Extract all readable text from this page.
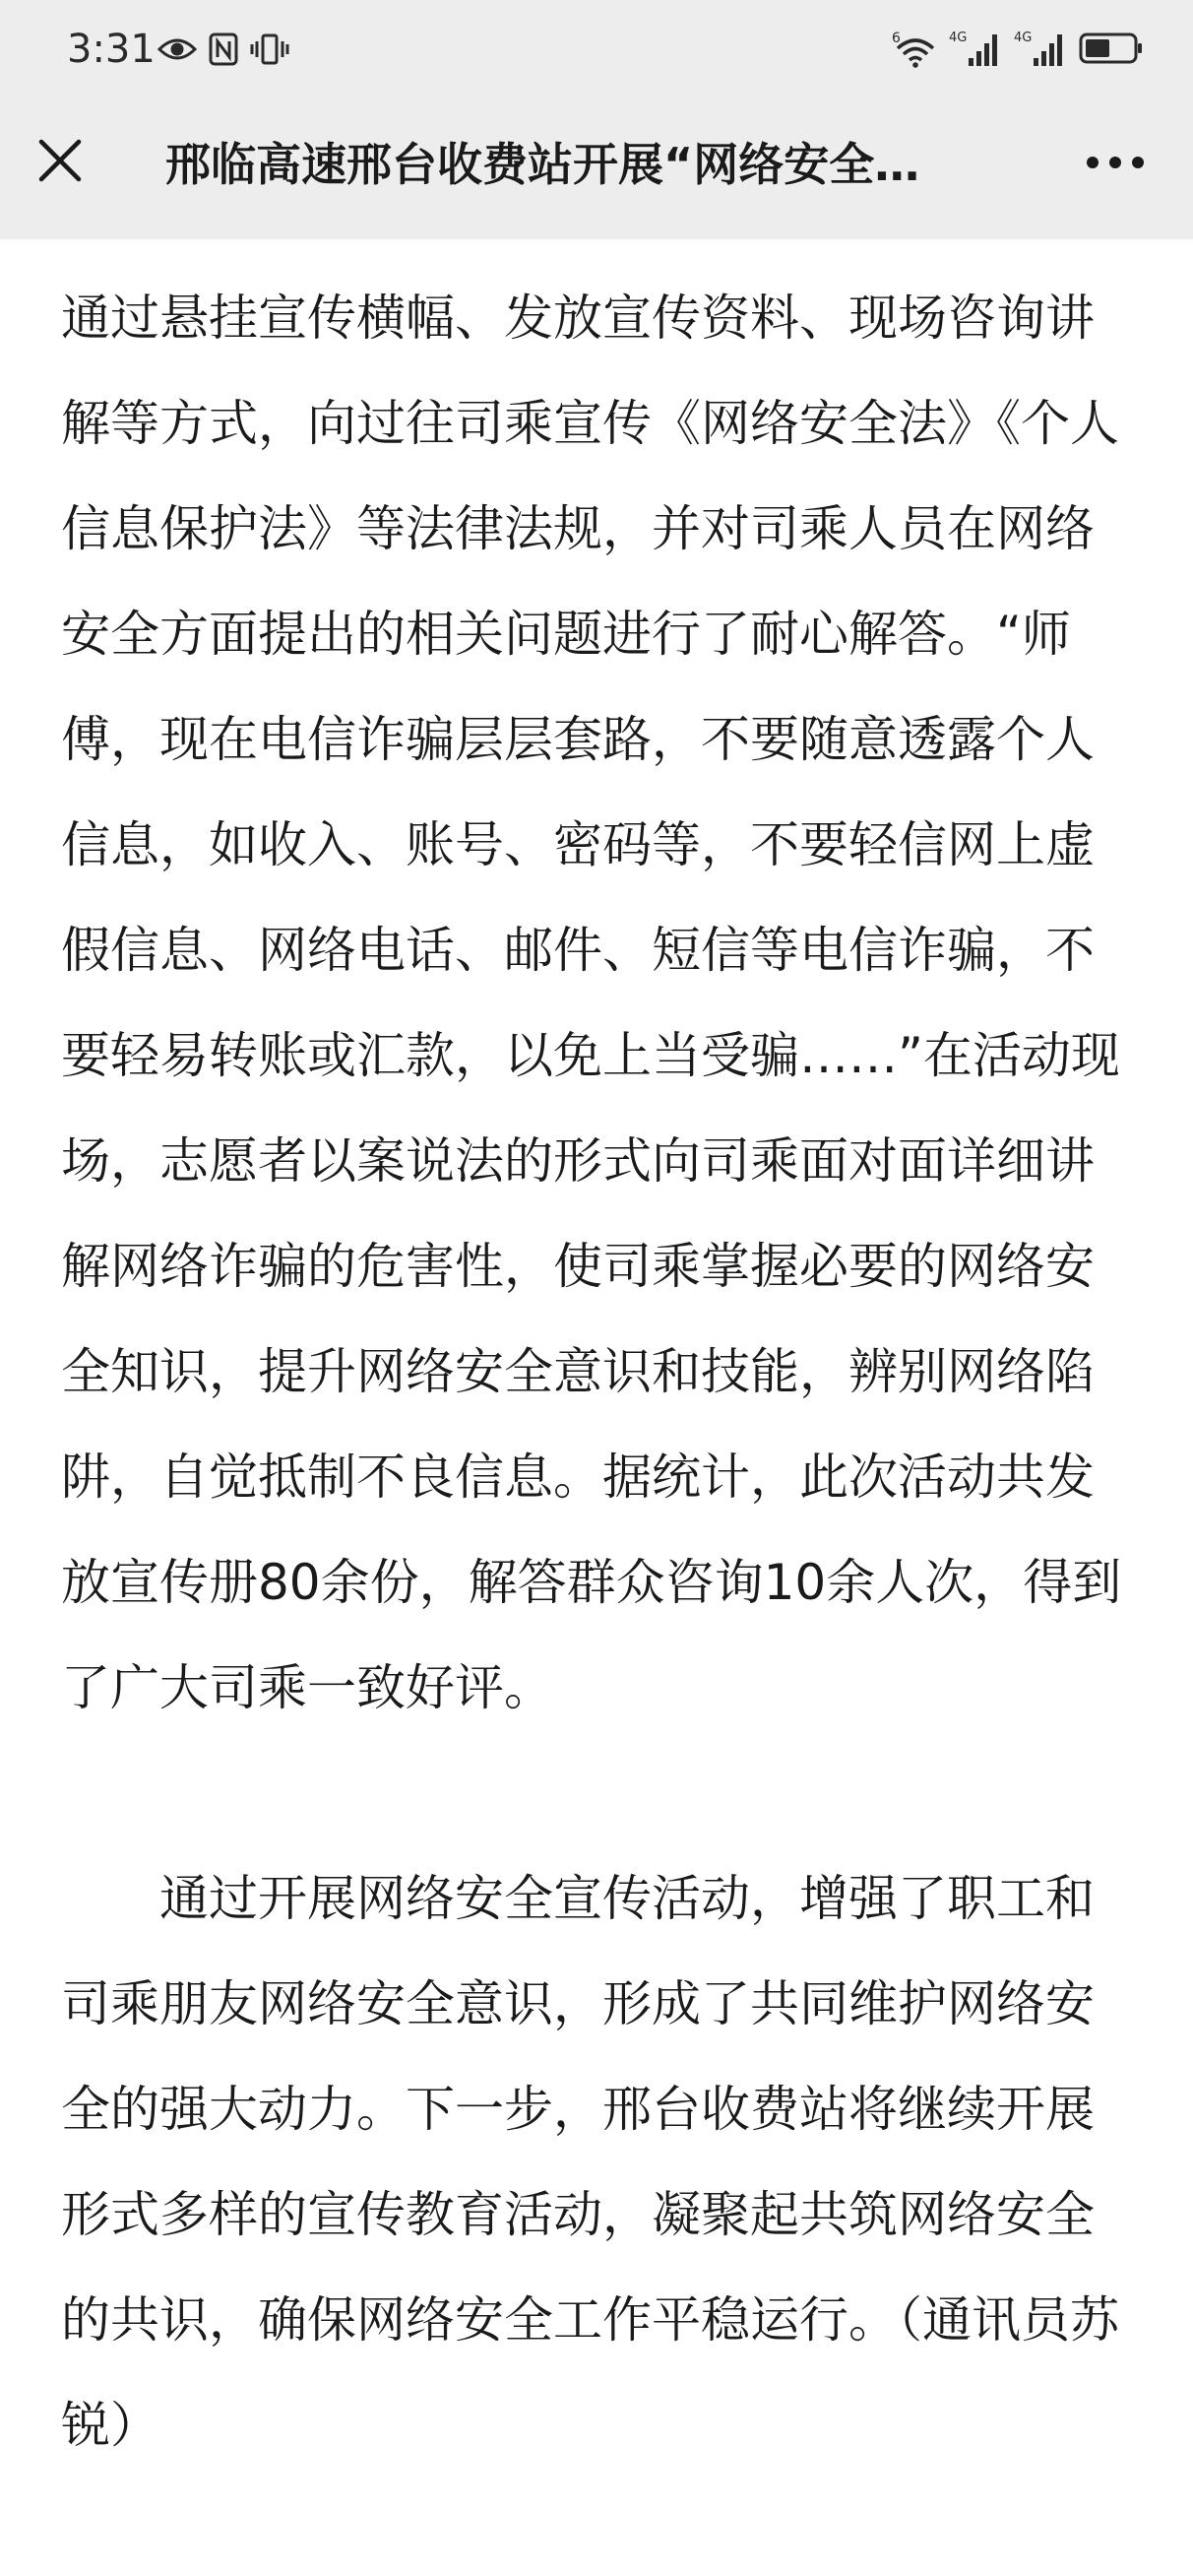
3:31	6	4G	4G
邢临高速邢台收费站开展“网络安全…

通过悬挂宣传横幅、发放宣传资料、现场咨询讲解等方式，向过往司乘宣传《网络安全法》《个人信息保护法》等法律法规，并对司乘人员在网络安全方面提出的相关问题进行了耐心解答。“师傅，现在电信诈骗层层套路，不要随意透露个人信息，如收入、账号、密码等，不要轻信网上虚假信息、网络电话、邮件、短信等电信诈骗，不要轻易转账或汇款，以免上当受骗……”在活动现场，志愿者以案说法的形式向司乘面对面详细讲解网络诈骗的危害性，使司乘掌握必要的网络安全知识，提升网络安全意识和技能，辨别网络陷阱，自觉抵制不良信息。据统计，此次活动共发放宣传册80余份，解答群众咨询10余人次，得到了广大司乘一致好评。

通过开展网络安全宣传活动，增强了职工和司乘朋友网络安全意识，形成了共同维护网络安全的强大动力。下一步，邢台收费站将继续开展形式多样的宣传教育活动，凝聚起共筑网络安全的共识，确保网络安全工作平稳运行。（通讯员苏锐）
